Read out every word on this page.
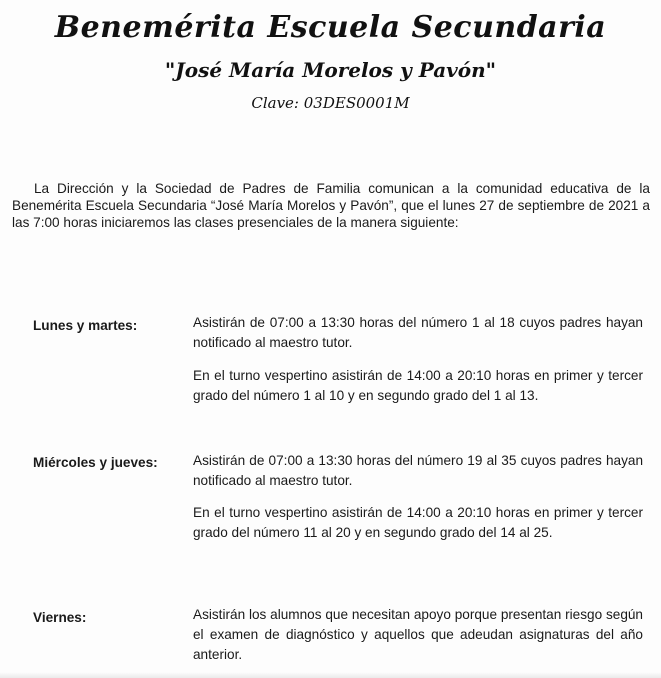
Benemérita Escuela Secundaria
"José María Morelos y Pavón"
Clave: 03DES0001M

La Dirección y la Sociedad de Padres de Familia comunican a la comunidad educativa de la Benemérita Escuela Secundaria “José María Morelos y Pavón”, que el lunes 27 de septiembre de 2021 a las 7:00 horas iniciaremos las clases presenciales de la manera siguiente:

Lunes y martes:	Asistirán de 07:00 a 13:30 horas del número 1 al 18 cuyos padres hayan notificado al maestro tutor.

En el turno vespertino asistirán de 14:00 a 20:10 horas en primer y tercer grado del número 1 al 10 y en segundo grado del 1 al 13.

Miércoles y jueves:	Asistirán de 07:00 a 13:30 horas del número 19 al 35 cuyos padres hayan notificado al maestro tutor.

En el turno vespertino asistirán de 14:00 a 20:10 horas en primer y tercer grado del número 11 al 20 y en segundo grado del 14 al 25.

Viernes:	Asistirán los alumnos que necesitan apoyo porque presentan riesgo según el examen de diagnóstico y aquellos que adeudan asignaturas del año anterior.
